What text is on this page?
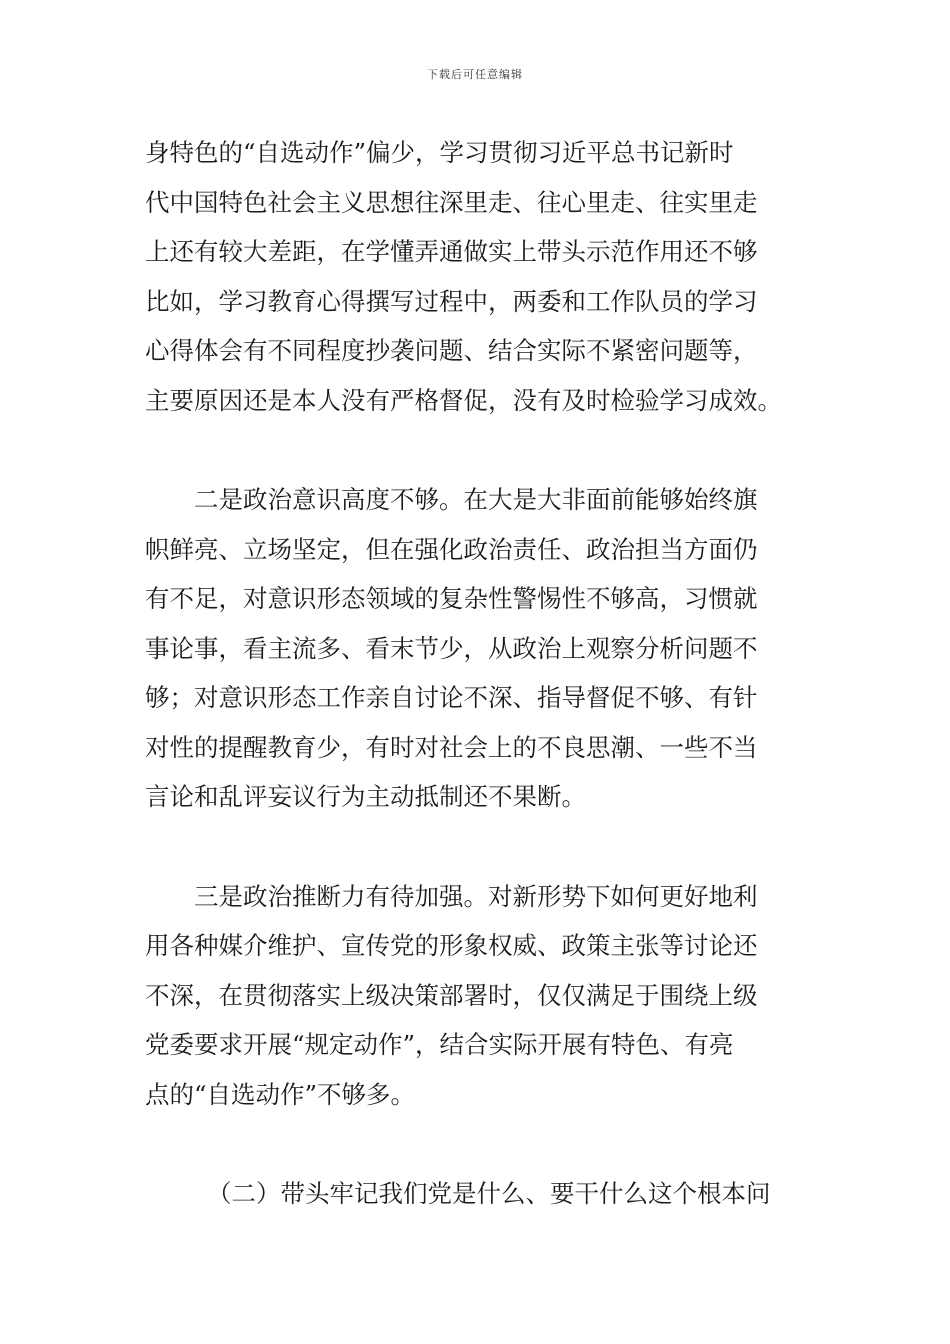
下载后可任意编辑
身特色的“自选动作”偏少，学习贯彻习近平总书记新时
代中国特色社会主义思想往深里走、往心里走、往实里走
上还有较大差距，在学懂弄通做实上带头示范作用还不够
比如，学习教育心得撰写过程中，两委和工作队员的学习
心得体会有不同程度抄袭问题、结合实际不紧密问题等，
主要原因还是本人没有严格督促，没有及时检验学习成效。
二是政治意识高度不够。在大是大非面前能够始终旗
帜鲜亮、立场坚定，但在强化政治责任、政治担当方面仍
有不足，对意识形态领域的复杂性警惕性不够高，习惯就
事论事，看主流多、看末节少，从政治上观察分析问题不
够；对意识形态工作亲自讨论不深、指导督促不够、有针
对性的提醒教育少，有时对社会上的不良思潮、一些不当
言论和乱评妄议行为主动抵制还不果断。
三是政治推断力有待加强。对新形势下如何更好地利
用各种媒介维护、宣传党的形象权威、政策主张等讨论还
不深，在贯彻落实上级决策部署时，仅仅满足于围绕上级
党委要求开展“规定动作”，结合实际开展有特色、有亮
点的“自选动作”不够多。
（二）带头牢记我们党是什么、要干什么这个根本问
